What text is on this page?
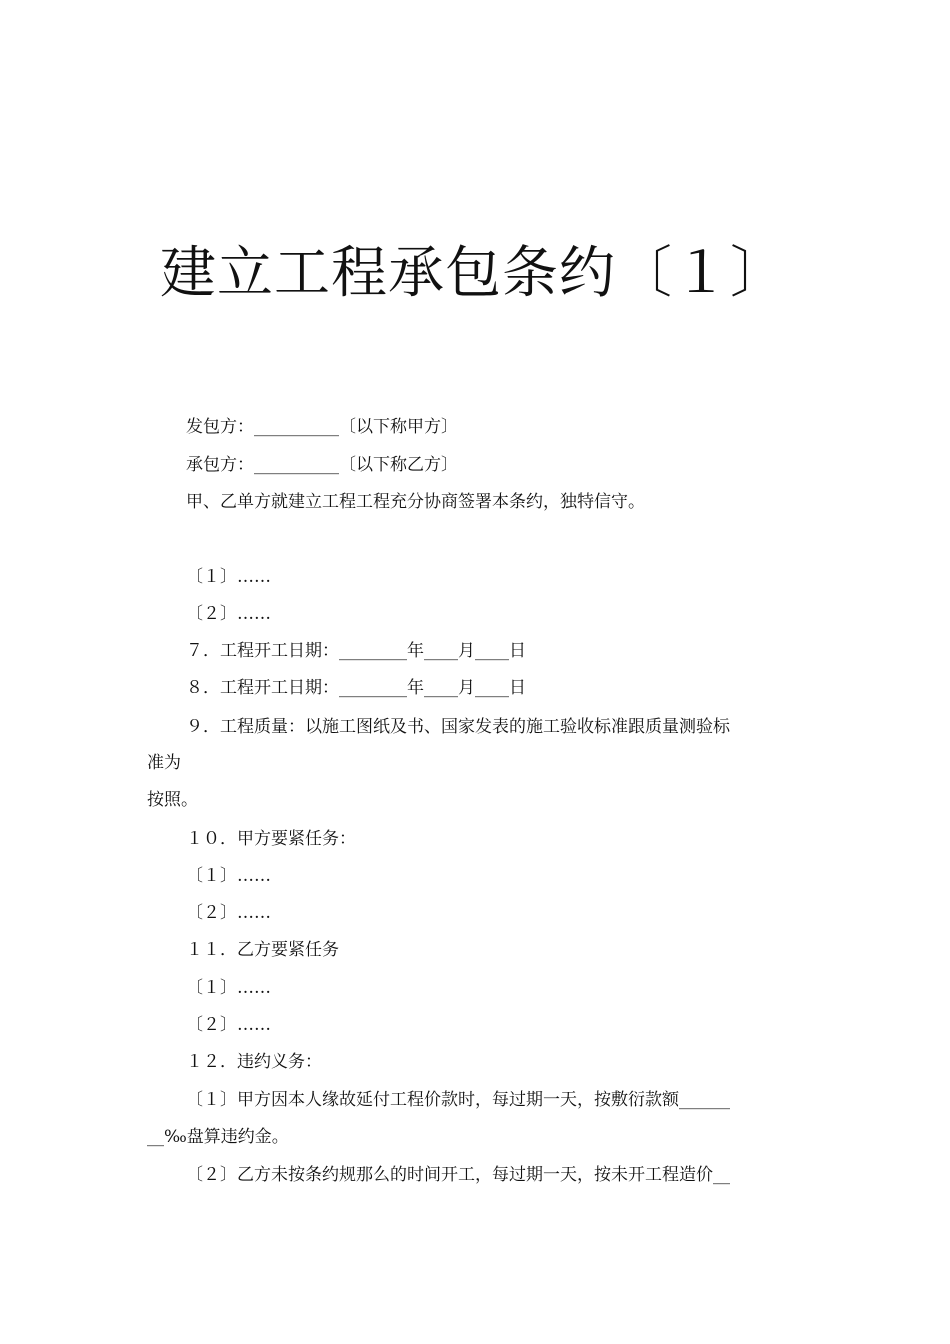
建立工程承包条约〔１〕
发包方：__________〔以下称甲方〕
承包方：__________〔以下称乙方〕
甲、乙单方就建立工程工程充分协商签署本条约，独特信守。
〔１〕……
〔２〕……
７．工程开工日期：________年____月____日
８．工程开工日期：________年____月____日
９．工程质量：以施工图纸及书、国家发表的施工验收标准跟质量测验标
准为
按照。
１０．甲方要紧任务：
〔１〕……
〔２〕……
１１．乙方要紧任务
〔１〕……
〔２〕……
１２．违约义务：
〔１〕甲方因本人缘故延付工程价款时，每过期一天，按敷衍款额______
__‰盘算违约金。
〔２〕乙方未按条约规那么的时间开工，每过期一天，按未开工程造价__
